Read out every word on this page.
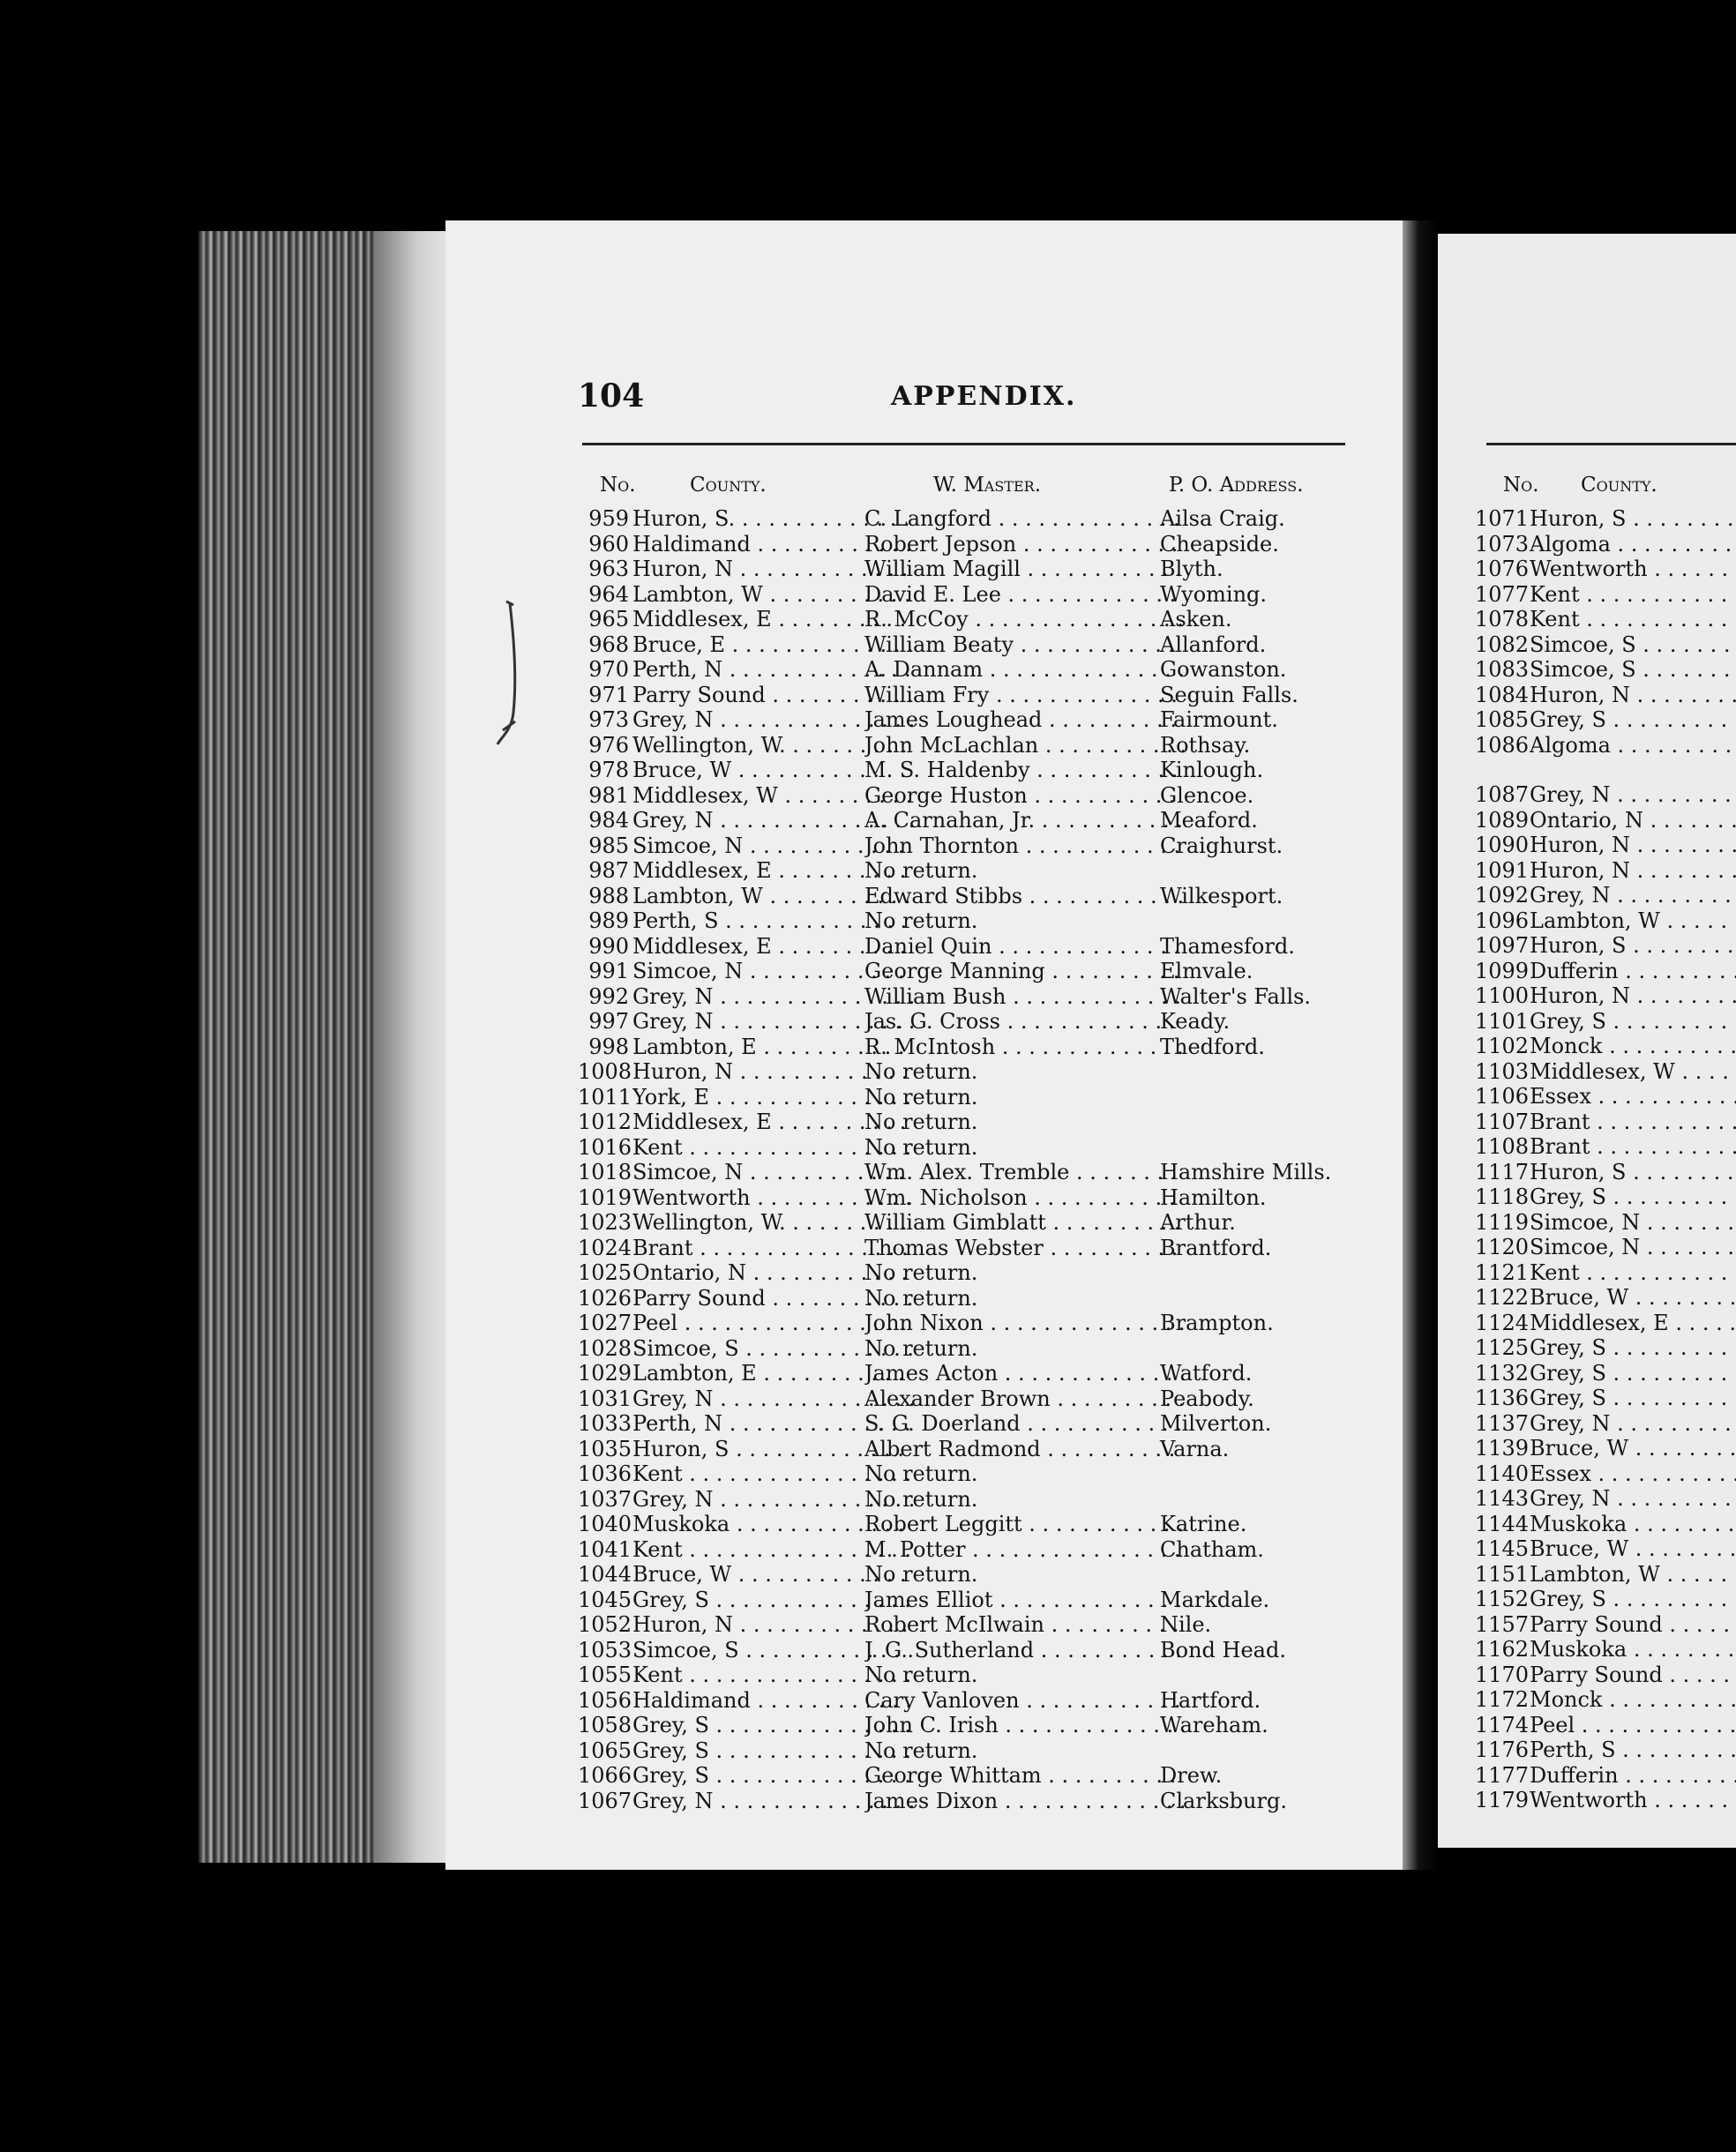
104	APPENDIX.
No.	County.	W. Master.	P. O. Address.	No. County.
959 Huron, S. . . .	C. Langford . . .	Ailsa Craig.
960 Haldimand . . .	Robert Jepson . . .	Cheapside.
963 Huron, N . . .	William Magill . . .	Blyth.
964 Lambton, W . . .	David E. Lee . . .	Wyoming.
965 Middlesex, E . . .	R. McCoy . . .	Asken.
968 Bruce, E . . .	William Beaty . . .	Allanford.
970 Perth, N . . .	A. Dannam . . .	Gowanston.
971 Parry Sound . . .	William Fry . . .	Seguin Falls.
973 Grey, N . . .	James Loughead . . .	Fairmount.
976 Wellington, W. . . .	John McLachlan . . .	Rothsay.
978 Bruce, W . . .	M. S. Haldenby . . .	Kinlough.
981 Middlesex, W . . .	George Huston . . .	Glencoe.
984 Grey, N . . .	A. Carnahan, Jr. . . .	Meaford.
985 Simcoe, N . . .	John Thornton . . .	Craighurst.
987 Middlesex, E . . .	No return.
988 Lambton, W . . .	Edward Stibbs . . .	Wilkesport.
989 Perth, S . . .	No return.
990 Middlesex, E . . .	Daniel Quin . . .	Thamesford.
991 Simcoe, N . . .	George Manning . . .	Elmvale.
992 Grey, N . . .	William Bush . . .	Walter's Falls.
997 Grey, N . . .	Jas. G. Cross . . .	Keady.
998 Lambton, E . . .	R. McIntosh . . .	Thedford.
1008 Huron, N . . .	No return.
1011 York, E . . .	No return.
1012 Middlesex, E . . .	No return.
1016 Kent . . .	No return.
1018 Simcoe, N . . .	Wm. Alex. Tremble . . .	Hamshire Mills.
1019 Wentworth . . .	Wm. Nicholson . . .	Hamilton.
1023 Wellington, W. . . .	William Gimblatt . . .	Arthur.
1024 Brant . . .	Thomas Webster . . .	Brantford.
1025 Ontario, N . . .	No return.
1026 Parry Sound . . .	No return.
1027 Peel . . .	John Nixon . . .	Brampton.
1028 Simcoe, S . . .	No return.
1029 Lambton, E . . .	James Acton . . .	Watford.
1031 Grey, N . . .	Alexander Brown . . .	Peabody.
1033 Perth, N . . .	S. G. Doerland . . .	Milverton.
1035 Huron, S . . .	Albert Radmond . . .	Varna.
1036 Kent . . .	No return.
1037 Grey, N . . .	No return.
1040 Muskoka . . .	Robert Leggitt . . .	Katrine.
1041 Kent . . .	M. Potter . . .	Chatham.
1044 Bruce, W . . .	No return.
1045 Grey, S . . .	James Elliot . . .	Markdale.
1052 Huron, N . . .	Robert McIlwain . . .	Nile.
1053 Simcoe, S . . .	J. G. Sutherland . . .	Bond Head.
1055 Kent . . .	No return.
1056 Haldimand . . .	Cary Vanloven . . .	Hartford.
1058 Grey, S . . .	John C. Irish . . .	Wareham.
1065 Grey, S . . .	No return.
1066 Grey, S . . .	George Whittam . . .	Drew.
1067 Grey, N . . .	James Dixon . . .	Clarksburg.
1071 Huron, S . . .
1073 Algoma . . .
1076 Wentworth . . .
1077 Kent . . .
1078 Kent . . .
1082 Simcoe, S . . .
1083 Simcoe, S . . .
1084 Huron, N . . .
1085 Grey, S . . .
1086 Algoma . . .
1087 Grey, N . . .
1089 Ontario, N . . .
1090 Huron, N . . .
1091 Huron, N . . .
1092 Grey, N . . .
1096 Lambton, W . . .
1097 Huron, S . . .
1099 Dufferin . . .
1100 Huron, N . . .
1101 Grey, S . . .
1102 Monck . . .
1103 Middlesex, W . . .
1106 Essex . . .
1107 Brant . . .
1108 Brant . . .
1117 Huron, S . . .
1118 Grey, S . . .
1119 Simcoe, N . . .
1120 Simcoe, N . . .
1121 Kent . . .
1122 Bruce, W . . .
1124 Middlesex, E . . .
1125 Grey, S . . .
1132 Grey, S . . .
1136 Grey, S . . .
1137 Grey, N . . .
1139 Bruce, W . . .
1140 Essex . . .
1143 Grey, N . . .
1144 Muskoka . . .
1145 Bruce, W . . .
1151 Lambton, W . . .
1152 Grey, S . . .
1157 Parry Sound . . .
1162 Muskoka . . .
1170 Parry Sound . . .
1172 Monck . . .
1174 Peel . . .
1176 Perth, S . . .
1177 Dufferin . . .
1179 Wentworth . . .
